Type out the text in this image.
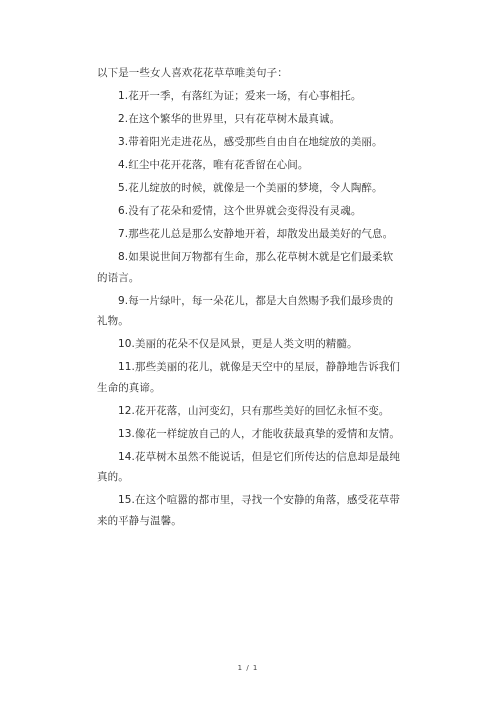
以下是一些女人喜欢花花草草唯美句子：
1.花开一季，有落红为证；爱来一场，有心事相托。
2.在这个繁华的世界里，只有花草树木最真诚。
3.带着阳光走进花丛，感受那些自由自在地绽放的美丽。
4.红尘中花开花落，唯有花香留在心间。
5.花儿绽放的时候，就像是一个美丽的梦境，令人陶醉。
6.没有了花朵和爱情，这个世界就会变得没有灵魂。
7.那些花儿总是那么安静地开着，却散发出最美好的气息。
8.如果说世间万物都有生命，那么花草树木就是它们最柔软的语言。
9.每一片绿叶，每一朵花儿，都是大自然赐予我们最珍贵的礼物。
10.美丽的花朵不仅是风景，更是人类文明的精髓。
11.那些美丽的花儿，就像是天空中的星辰，静静地告诉我们生命的真谛。
12.花开花落，山河变幻，只有那些美好的回忆永恒不变。
13.像花一样绽放自己的人，才能收获最真挚的爱情和友情。
14.花草树木虽然不能说话，但是它们所传达的信息却是最纯真的。
15.在这个喧嚣的都市里，寻找一个安静的角落，感受花草带来的平静与温馨。
1 / 1
